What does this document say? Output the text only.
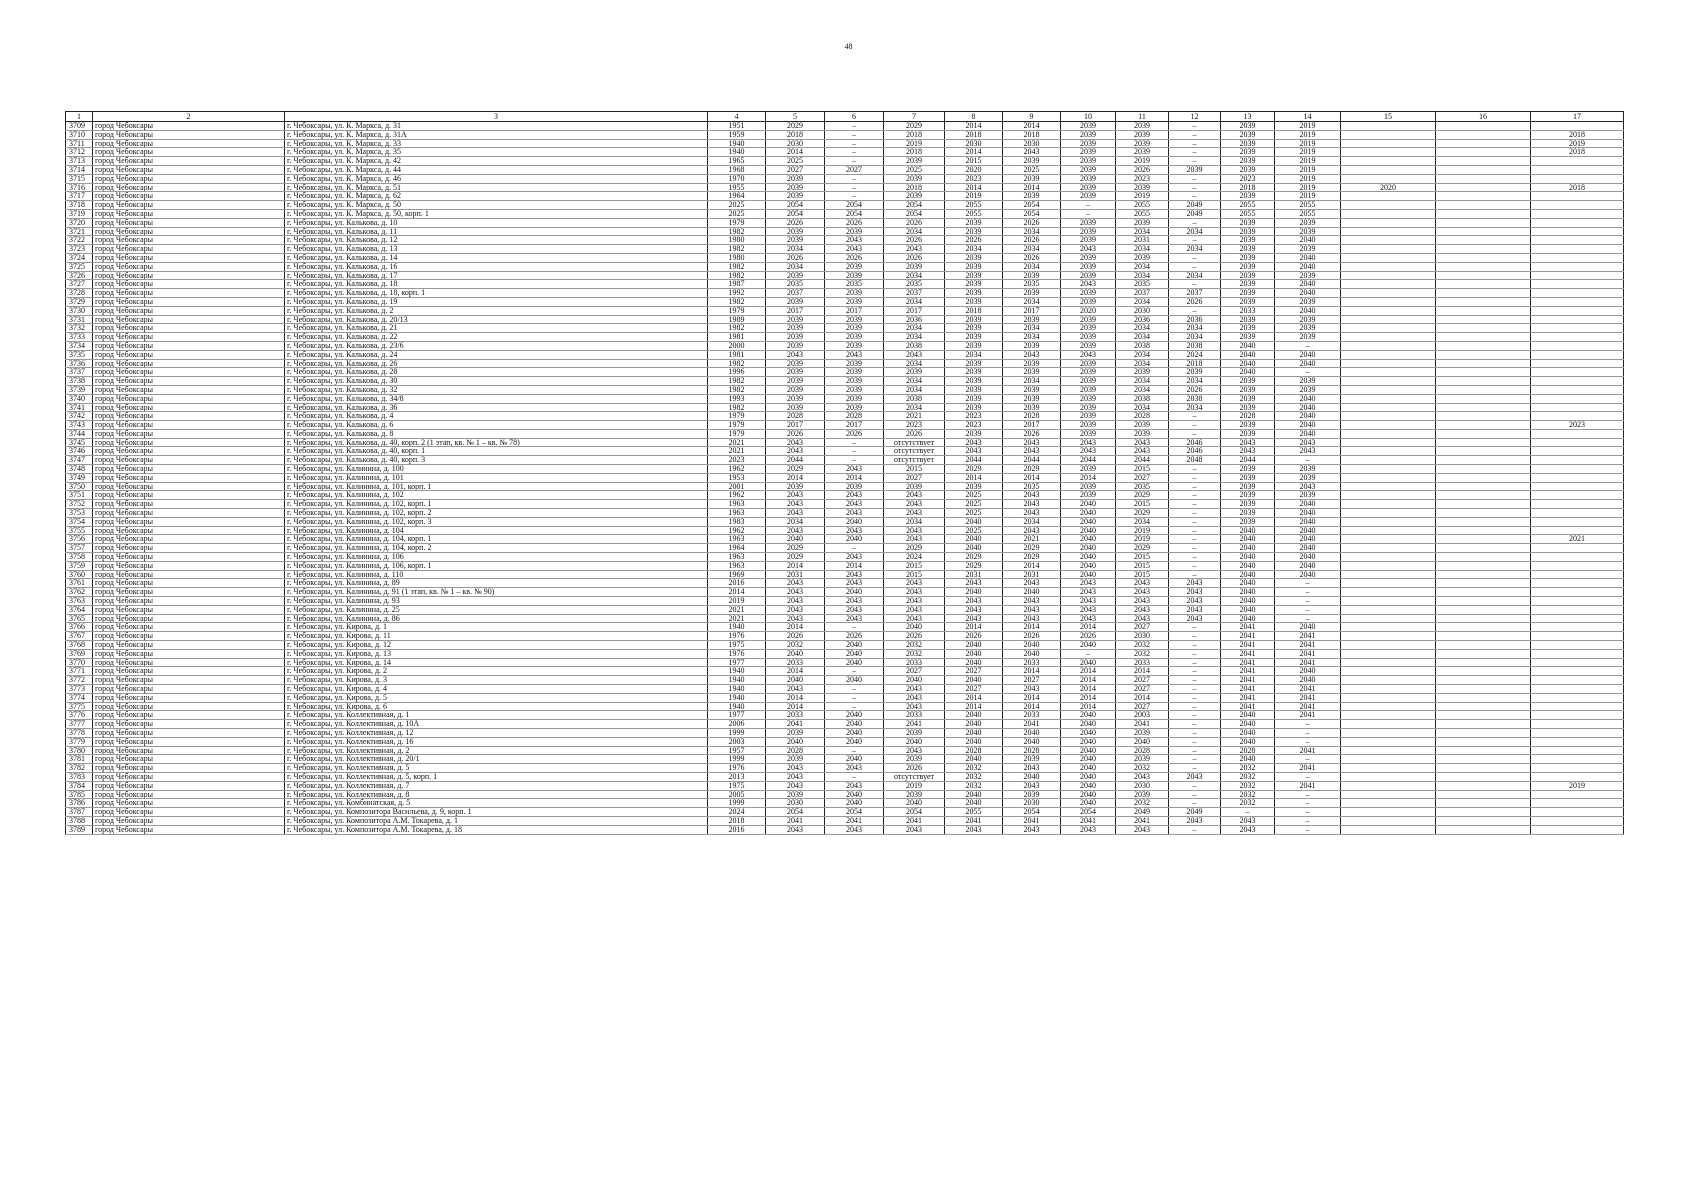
48
1	2	3	4	5	6	7	8	9	10	11	12	13	14	15	16	17
3709	город Чебоксары	г. Чебоксары, ул. К. Маркса, д. 31	1951	2029	–	2029	2014	2014	2039	2039	–	2039	2019			
3710	город Чебоксары	г. Чебоксары, ул. К. Маркса, д. 31А	1959	2018	–	2018	2018	2018	2039	2039	–	2039	2019			2018
3711	город Чебоксары	г. Чебоксары, ул. К. Маркса, д. 33	1940	2030	–	2019	2030	2030	2039	2039	–	2039	2019			2019
3712	город Чебоксары	г. Чебоксары, ул. К. Маркса, д. 35	1940	2014	–	2018	2014	2043	2039	2039	–	2039	2019			2018
3713	город Чебоксары	г. Чебоксары, ул. К. Маркса, д. 42	1965	2025	–	2039	2015	2039	2039	2019	–	2039	2019			
3714	город Чебоксары	г. Чебоксары, ул. К. Маркса, д. 44	1968	2027	2027	2025	2020	2025	2039	2026	2039	2039	2019			
3715	город Чебоксары	г. Чебоксары, ул. К. Маркса, д. 46	1970	2039	–	2039	2023	2039	2039	2023	–	2023	2019			
3716	город Чебоксары	г. Чебоксары, ул. К. Маркса, д. 51	1955	2039	–	2018	2014	2014	2039	2039	–	2018	2019	2020		2018
3717	город Чебоксары	г. Чебоксары, ул. К. Маркса, д. 62	1964	2039	–	2039	2019	2039	2039	2019	–	2039	2019			
3718	город Чебоксары	г. Чебоксары, ул. К. Маркса, д. 50	2025	2054	2054	2054	2055	2054	–	2055	2049	2055	2055			
3719	город Чебоксары	г. Чебоксары, ул. К. Маркса, д. 50, корп. 1	2025	2054	2054	2054	2055	2054	–	2055	2049	2055	2055			
3720	город Чебоксары	г. Чебоксары, ул. Калькова, д. 10	1979	2026	2026	2026	2039	2026	2039	2039	–	2039	2039			
3721	город Чебоксары	г. Чебоксары, ул. Калькова, д. 11	1982	2039	2039	2034	2039	2034	2039	2034	2034	2039	2039			
3722	город Чебоксары	г. Чебоксары, ул. Калькова, д. 12	1980	2039	2043	2026	2026	2026	2039	2031	–	2039	2040			
3723	город Чебоксары	г. Чебоксары, ул. Калькова, д. 13	1982	2034	2043	2043	2034	2034	2043	2034	2034	2039	2039			
3724	город Чебоксары	г. Чебоксары, ул. Калькова, д. 14	1980	2026	2026	2026	2039	2026	2039	2039	–	2039	2040			
3725	город Чебоксары	г. Чебоксары, ул. Калькова, д. 16	1982	2034	2039	2039	2039	2034	2039	2034	–	2039	2040			
3726	город Чебоксары	г. Чебоксары, ул. Калькова, д. 17	1982	2039	2039	2034	2039	2039	2039	2034	2034	2039	2039			
3727	город Чебоксары	г. Чебоксары, ул. Калькова, д. 18	1987	2035	2035	2035	2039	2035	2043	2035	–	2039	2040			
3728	город Чебоксары	г. Чебоксары, ул. Калькова, д. 18, корп. 1	1992	2037	2039	2037	2039	2039	2039	2037	2037	2039	2040			
3729	город Чебоксары	г. Чебоксары, ул. Калькова, д. 19	1982	2039	2039	2034	2039	2034	2039	2034	2026	2039	2039			
3730	город Чебоксары	г. Чебоксары, ул. Калькова, д. 2	1979	2017	2017	2017	2018	2017	2020	2030	–	2033	2040			
3731	город Чебоксары	г. Чебоксары, ул. Калькова, д. 20/13	1989	2039	2039	2036	2039	2039	2039	2036	2036	2039	2039			
3732	город Чебоксары	г. Чебоксары, ул. Калькова, д. 21	1982	2039	2039	2034	2039	2034	2039	2034	2034	2039	2039			
3733	город Чебоксары	г. Чебоксары, ул. Калькова, д. 22	1981	2039	2039	2034	2039	2034	2039	2034	2034	2039	2039			
3734	город Чебоксары	г. Чебоксары, ул. Калькова, д. 23/6	2000	2039	2039	2038	2039	2039	2039	2038	2038	2040	–			
3735	город Чебоксары	г. Чебоксары, ул. Калькова, д. 24	1981	2043	2043	2043	2034	2043	2043	2034	2024	2040	2040			
3736	город Чебоксары	г. Чебоксары, ул. Калькова, д. 26	1982	2039	2039	2034	2039	2039	2039	2034	2018	2040	2040			
3737	город Чебоксары	г. Чебоксары, ул. Калькова, д. 28	1996	2039	2039	2039	2039	2039	2039	2039	2039	2040	–			
3738	город Чебоксары	г. Чебоксары, ул. Калькова, д. 30	1982	2039	2039	2034	2039	2034	2039	2034	2034	2039	2039			
3739	город Чебоксары	г. Чебоксары, ул. Калькова, д. 32	1982	2039	2039	2034	2039	2039	2039	2034	2026	2039	2039			
3740	город Чебоксары	г. Чебоксары, ул. Калькова, д. 34/8	1993	2039	2039	2038	2039	2039	2039	2038	2038	2039	2040			
3741	город Чебоксары	г. Чебоксары, ул. Калькова, д. 36	1982	2039	2039	2034	2039	2039	2039	2034	2034	2039	2040			
3742	город Чебоксары	г. Чебоксары, ул. Калькова, д. 4	1979	2028	2028	2021	2023	2028	2039	2028	–	2028	2040			
3743	город Чебоксары	г. Чебоксары, ул. Калькова, д. 6	1979	2017	2017	2023	2023	2017	2039	2039	–	2039	2040			2023
3744	город Чебоксары	г. Чебоксары, ул. Калькова, д. 8	1979	2026	2026	2026	2039	2026	2039	2039	–	2039	2040			
3745	город Чебоксары	г. Чебоксары, ул. Калькова, д. 40, корп. 2 (1 этап, кв. № 1 – кв. № 78)	2021	2043	–	отсутствует	2043	2043	2043	2043	2046	2043	2043			
3746	город Чебоксары	г. Чебоксары, ул. Калькова, д. 40, корп. 1	2021	2043	–	отсутствует	2043	2043	2043	2043	2046	2043	2043			
3747	город Чебоксары	г. Чебоксары, ул. Калькова, д. 40, корп. 3	2023	2044	–	отсутствует	2044	2044	2044	2044	2048	2044	–			
3748	город Чебоксары	г. Чебоксары, ул. Калинина, д. 100	1962	2029	2043	2015	2029	2029	2039	2015	–	2039	2039			
3749	город Чебоксары	г. Чебоксары, ул. Калинина, д. 101	1953	2014	2014	2027	2014	2014	2014	2027	–	2039	2039			
3750	город Чебоксары	г. Чебоксары, ул. Калинина, д. 101, корп. 1	2001	2039	2039	2039	2039	2035	2039	2035	–	2039	2043			
3751	город Чебоксары	г. Чебоксары, ул. Калинина, д. 102	1962	2043	2043	2043	2025	2043	2039	2029	–	2039	2039			
3752	город Чебоксары	г. Чебоксары, ул. Калинина, д. 102, корп. 1	1963	2043	2043	2043	2025	2043	2040	2015	–	2039	2040			
3753	город Чебоксары	г. Чебоксары, ул. Калинина, д. 102, корп. 2	1963	2043	2043	2043	2025	2043	2040	2029	–	2039	2040			
3754	город Чебоксары	г. Чебоксары, ул. Калинина, д. 102, корп. 3	1983	2034	2040	2034	2040	2034	2040	2034	–	2039	2040			
3755	город Чебоксары	г. Чебоксары, ул. Калинина, д. 104	1962	2043	2043	2043	2025	2043	2040	2019	–	2040	2040			
3756	город Чебоксары	г. Чебоксары, ул. Калинина, д. 104, корп. 1	1963	2040	2040	2043	2040	2021	2040	2019	–	2040	2040			2021
3757	город Чебоксары	г. Чебоксары, ул. Калинина, д. 104, корп. 2	1964	2029	–	2029	2040	2029	2040	2029	–	2040	2040			
3758	город Чебоксары	г. Чебоксары, ул. Калинина, д. 106	1963	2029	2043	2024	2029	2029	2040	2015	–	2040	2040			
3759	город Чебоксары	г. Чебоксары, ул. Калинина, д. 106, корп. 1	1963	2014	2014	2015	2029	2014	2040	2015	–	2040	2040			
3760	город Чебоксары	г. Чебоксары, ул. Калинина, д. 110	1969	2031	2043	2015	2031	2031	2040	2015	–	2040	2040			
3761	город Чебоксары	г. Чебоксары, ул. Калинина, д. 89	2016	2043	2043	2043	2043	2043	2043	2043	2043	2040	–			
3762	город Чебоксары	г. Чебоксары, ул. Калинина, д. 91 (1 этап, кв. № 1 – кв. № 90)	2014	2043	2040	2043	2040	2040	2043	2043	2043	2040	–			
3763	город Чебоксары	г. Чебоксары, ул. Калинина, д. 93	2019	2043	2043	2043	2043	2043	2043	2043	2043	2040	–			
3764	город Чебоксары	г. Чебоксары, ул. Калинина, д. 25	2021	2043	2043	2043	2043	2043	2043	2043	2043	2040	–			
3765	город Чебоксары	г. Чебоксары, ул. Калинина, д. 86	2021	2043	2043	2043	2043	2043	2043	2043	2043	2040	–			
3766	город Чебоксары	г. Чебоксары, ул. Кирова, д. 1	1940	2014	–	2040	2014	2014	2014	2027	–	2041	2040			
3767	город Чебоксары	г. Чебоксары, ул. Кирова, д. 11	1976	2026	2026	2026	2026	2026	2026	2030	–	2041	2041			
3768	город Чебоксары	г. Чебоксары, ул. Кирова, д. 12	1975	2032	2040	2032	2040	2040	2040	2032	–	2041	2041			
3769	город Чебоксары	г. Чебоксары, ул. Кирова, д. 13	1976	2040	2040	2032	2040	2040	–	2032	–	2041	2041			
3770	город Чебоксары	г. Чебоксары, ул. Кирова, д. 14	1977	2033	2040	2033	2040	2033	2040	2033	–	2041	2041			
3771	город Чебоксары	г. Чебоксары, ул. Кирова, д. 2	1940	2014	–	2027	2027	2014	2014	2014	–	2041	2040			
3772	город Чебоксары	г. Чебоксары, ул. Кирова, д. 3	1940	2040	2040	2040	2040	2027	2014	2027	–	2041	2040			
3773	город Чебоксары	г. Чебоксары, ул. Кирова, д. 4	1940	2043	–	2043	2027	2043	2014	2027	–	2041	2041			
3774	город Чебоксары	г. Чебоксары, ул. Кирова, д. 5	1940	2014	–	2043	2014	2014	2014	2014	–	2041	2041			
3775	город Чебоксары	г. Чебоксары, ул. Кирова, д. 6	1940	2014	–	2043	2014	2014	2014	2027	–	2041	2041			
3776	город Чебоксары	г. Чебоксары, ул. Коллективная, д. 1	1977	2033	2040	2033	2040	2033	2040	2003	–	2040	2041			
3777	город Чебоксары	г. Чебоксары, ул. Коллективная, д. 10А	2006	2041	2040	2041	2040	2041	2040	2041	–	2040	–			
3778	город Чебоксары	г. Чебоксары, ул. Коллективная, д. 12	1999	2039	2040	2039	2040	2040	2040	2039	–	2040	–			
3779	город Чебоксары	г. Чебоксары, ул. Коллективная, д. 16	2003	2040	2040	2040	2040	2040	2040	2040	–	2040	–			
3780	город Чебоксары	г. Чебоксары, ул. Коллективная, д. 2	1957	2028	–	2043	2028	2028	2040	2028	–	2028	2041			
3781	город Чебоксары	г. Чебоксары, ул. Коллективная, д. 20/1	1999	2039	2040	2039	2040	2039	2040	2039	–	2040	–			
3782	город Чебоксары	г. Чебоксары, ул. Коллективная, д. 5	1976	2043	2043	2026	2032	2043	2040	2032	–	2032	2041			
3783	город Чебоксары	г. Чебоксары, ул. Коллективная, д. 5, корп. 1	2013	2043	–	отсутствует	2032	2040	2040	2043	2043	2032	–			
3784	город Чебоксары	г. Чебоксары, ул. Коллективная, д. 7	1975	2043	2043	2019	2032	2043	2040	2030	–	2032	2041			2019
3785	город Чебоксары	г. Чебоксары, ул. Коллективная, д. 8	2005	2039	2040	2039	2040	2039	2040	2039	–	2032	–			
3786	город Чебоксары	г. Чебоксары, ул. Комбинатская, д. 5	1999	2030	2040	2040	2040	2030	2040	2032	–	2032	–			
3787	город Чебоксары	г. Чебоксары, ул. Композитора Васильева, д. 9, корп. 1	2024	2054	2054	2054	2055	2054	2054	2049	2049	–	–			
3788	город Чебоксары	г. Чебоксары, ул. Композитора А.М. Токарева, д. 1	2018	2041	2041	2041	2041	2041	2041	2041	2043	2043	–			
3789	город Чебоксары	г. Чебоксары, ул. Композитора А.М. Токарева, д. 18	2016	2043	2043	2043	2043	2043	2043	2043	–	2043	–			
